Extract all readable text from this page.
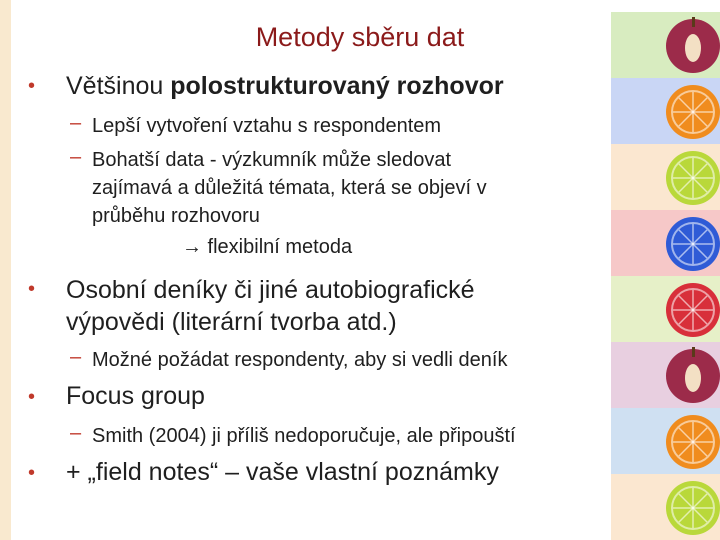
Metody sběru dat
• Většinou polostrukturovaný rozhovor
– Lepší vytvoření vztahu s respondentem
– Bohatší data - výzkumník může sledovat
zajímavá a důležitá témata, která se objeví v
průběhu rozhovoru
→ flexibilní metoda
• Osobní deníky či jiné autobiografické
výpovědi (literární tvorba atd.)
– Možné požádat respondenty, aby si vedli deník
• Focus group
– Smith (2004) ji příliš nedoporučuje, ale připouští
• + „field notes“ – vaše vlastní poznámky
